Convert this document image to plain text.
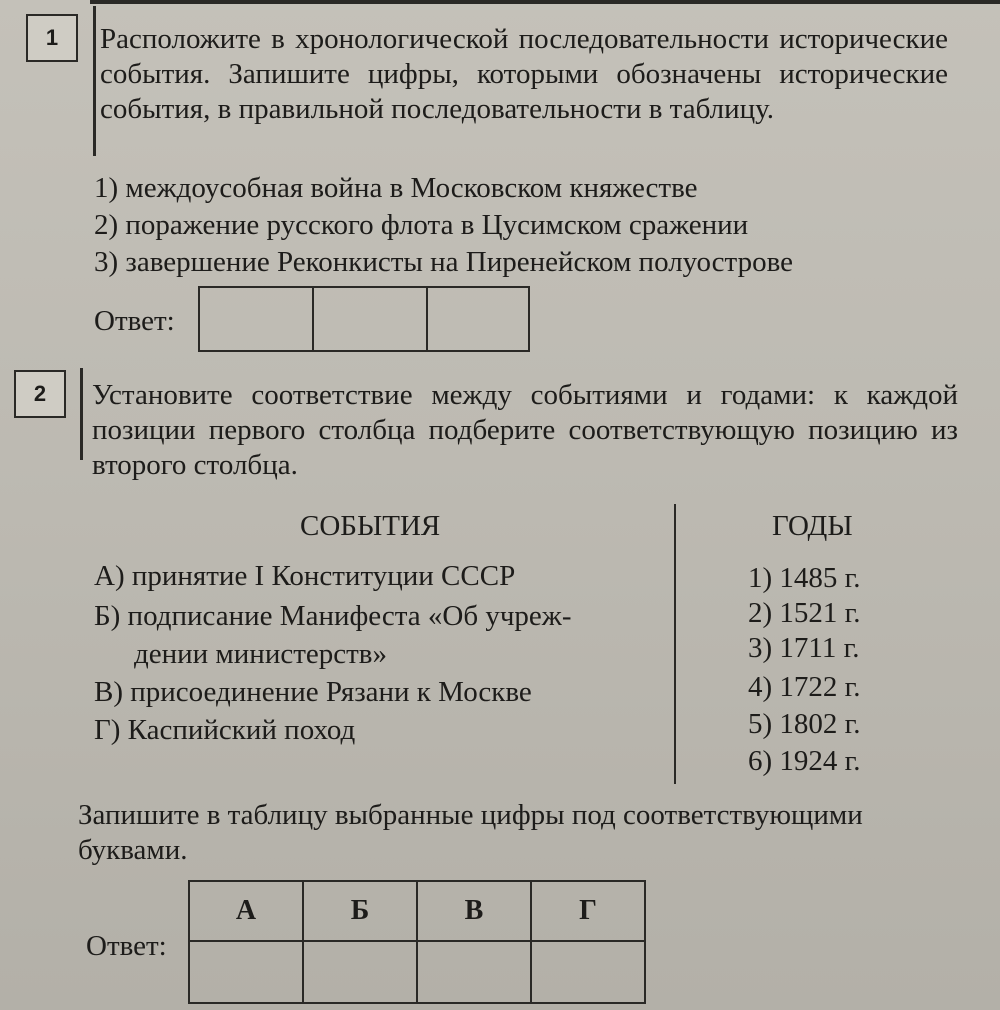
1 Расположите в хронологической последовательности исторические события. Запишите цифры, которыми обозначены исторические события, в правильной последовательности в таблицу.

1) междоусобная война в Московском княжестве
2) поражение русского флота в Цусимском сражении
3) завершение Реконкисты на Пиренейском полуострове
Ответ:

2 Установите соответствие между событиями и годами: к каждой позиции первого столбца подберите соответствующую позицию из второго столбца.

СОБЫТИЯ	ГОДЫ
А) принятие I Конституции СССР
Б) подписание Манифеста «Об учреж-
дении министерств»
В) присоединение Рязани к Москве
Г) Каспийский поход
1) 1485 г.
2) 1521 г.
3) 1711 г.
4) 1722 г.
5) 1802 г.
6) 1924 г.

Запишите в таблицу выбранные цифры под соответствующими буквами.

Ответ:
А	Б	В	Г
